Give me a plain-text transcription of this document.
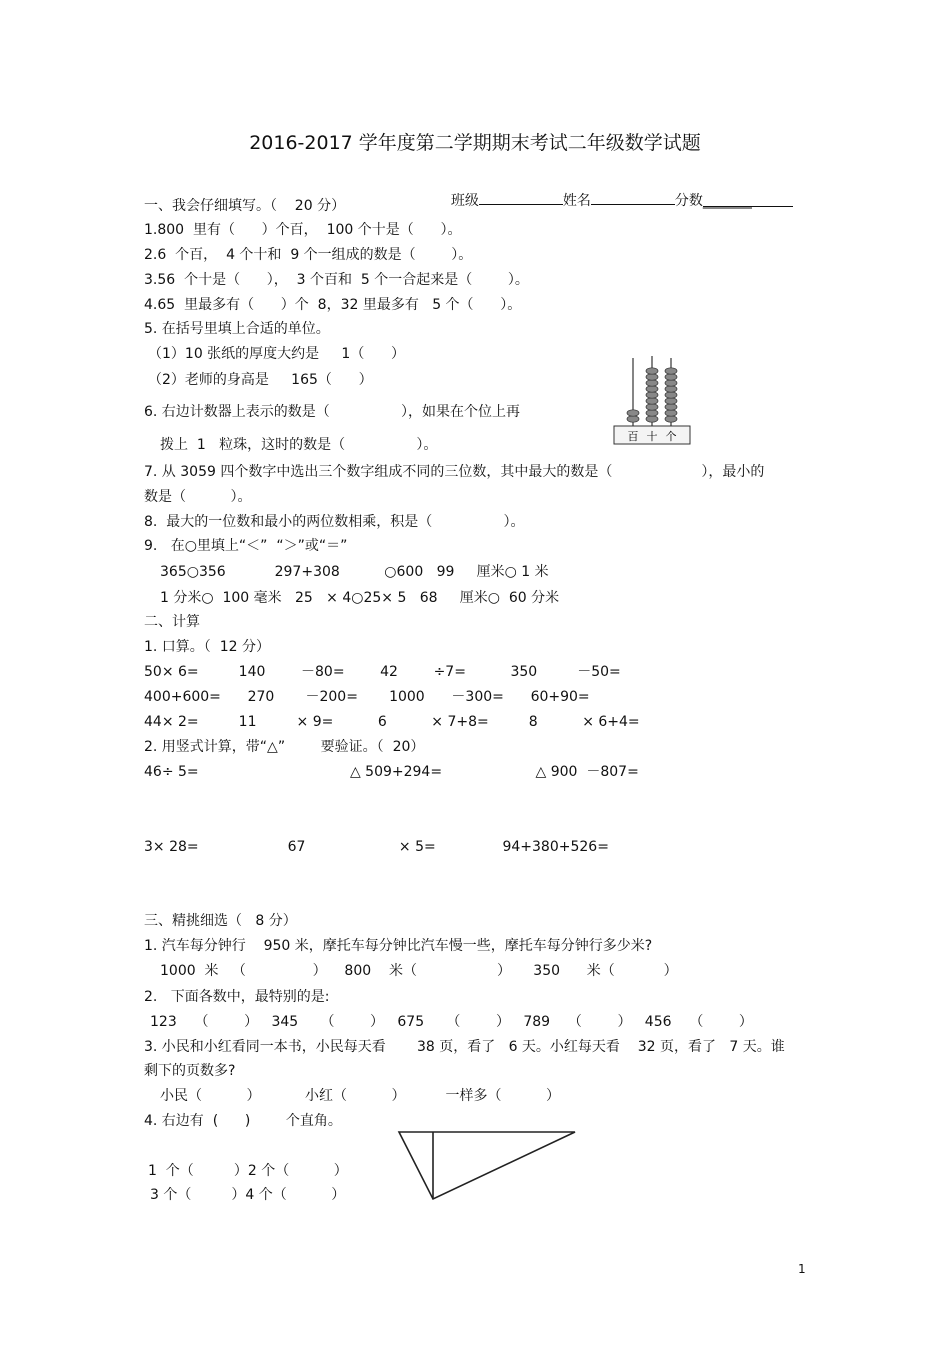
2016-2017 学年度第二学期期末考试二年级数学试题

班级	姓名	分数_______

一、我会仔细填写。（    20 分）
1.800  里有（      ）个百，  100 个十是（      ）。
2.6  个百，  4 个十和  9 个一组成的数是（        ）。
3.56  个十是（      ），  3 个百和  5 个一合起来是（        ）。
4.65  里最多有（      ）个  8，32 里最多有   5 个（      ）。
5. 在括号里填上合适的单位。
（1）10 张纸的厚度大约是     1（      ）
（2）老师的身高是     165（      ）
6. 右边计数器上表示的数是（                ），如果在个位上再
拨上  1   粒珠，这时的数是（                ）。
百 十 个
7. 从 3059 四个数字中选出三个数字组成不同的三位数，其中最大的数是（                    ），最小的
数是（          ）。
8.  最大的一位数和最小的两位数相乘，积是（                ）。
9.   在○里填上“＜”  “＞”或“＝”
365○356           297+308          ○600   99     厘米○ 1 米
1 分米○  100 毫米   25   × 4○25× 5   68     厘米○  60 分米
二、计算
1. 口算。（  12 分）
50× 6=         140        －80=        42        ÷7=          350         －50=
400+600=      270       －200=       1000      －300=      60+90=
44× 2=         11         × 9=          6          × 7+8=         8          × 6+4=
2. 用竖式计算，带“△”        要验证。（  20）
46÷ 5=                                  △ 509+294=                     △ 900  －807=
3× 28=                    67                     × 5=               94+380+526=
三、精挑细选（   8 分）
1. 汽车每分钟行    950 米，摩托车每分钟比汽车慢一些，摩托车每分钟行多少米?
1000  米   （               ）    800    米（                  ）     350      米（           ）
2.   下面各数中，最特别的是:
123    （        ）   345     （        ）   675     （        ）   789    （        ）   456    （        ）
3. 小民和小红看同一本书，小民每天看       38 页，看了   6 天。小红每天看    32 页，看了   7 天。谁
剩下的页数多?
小民（          ）          小红（          ）         一样多（          ）
4. 右边有  (      )        个直角。
1  个（         ）2 个（          ）
3 个（         ）4 个（          ）
1
